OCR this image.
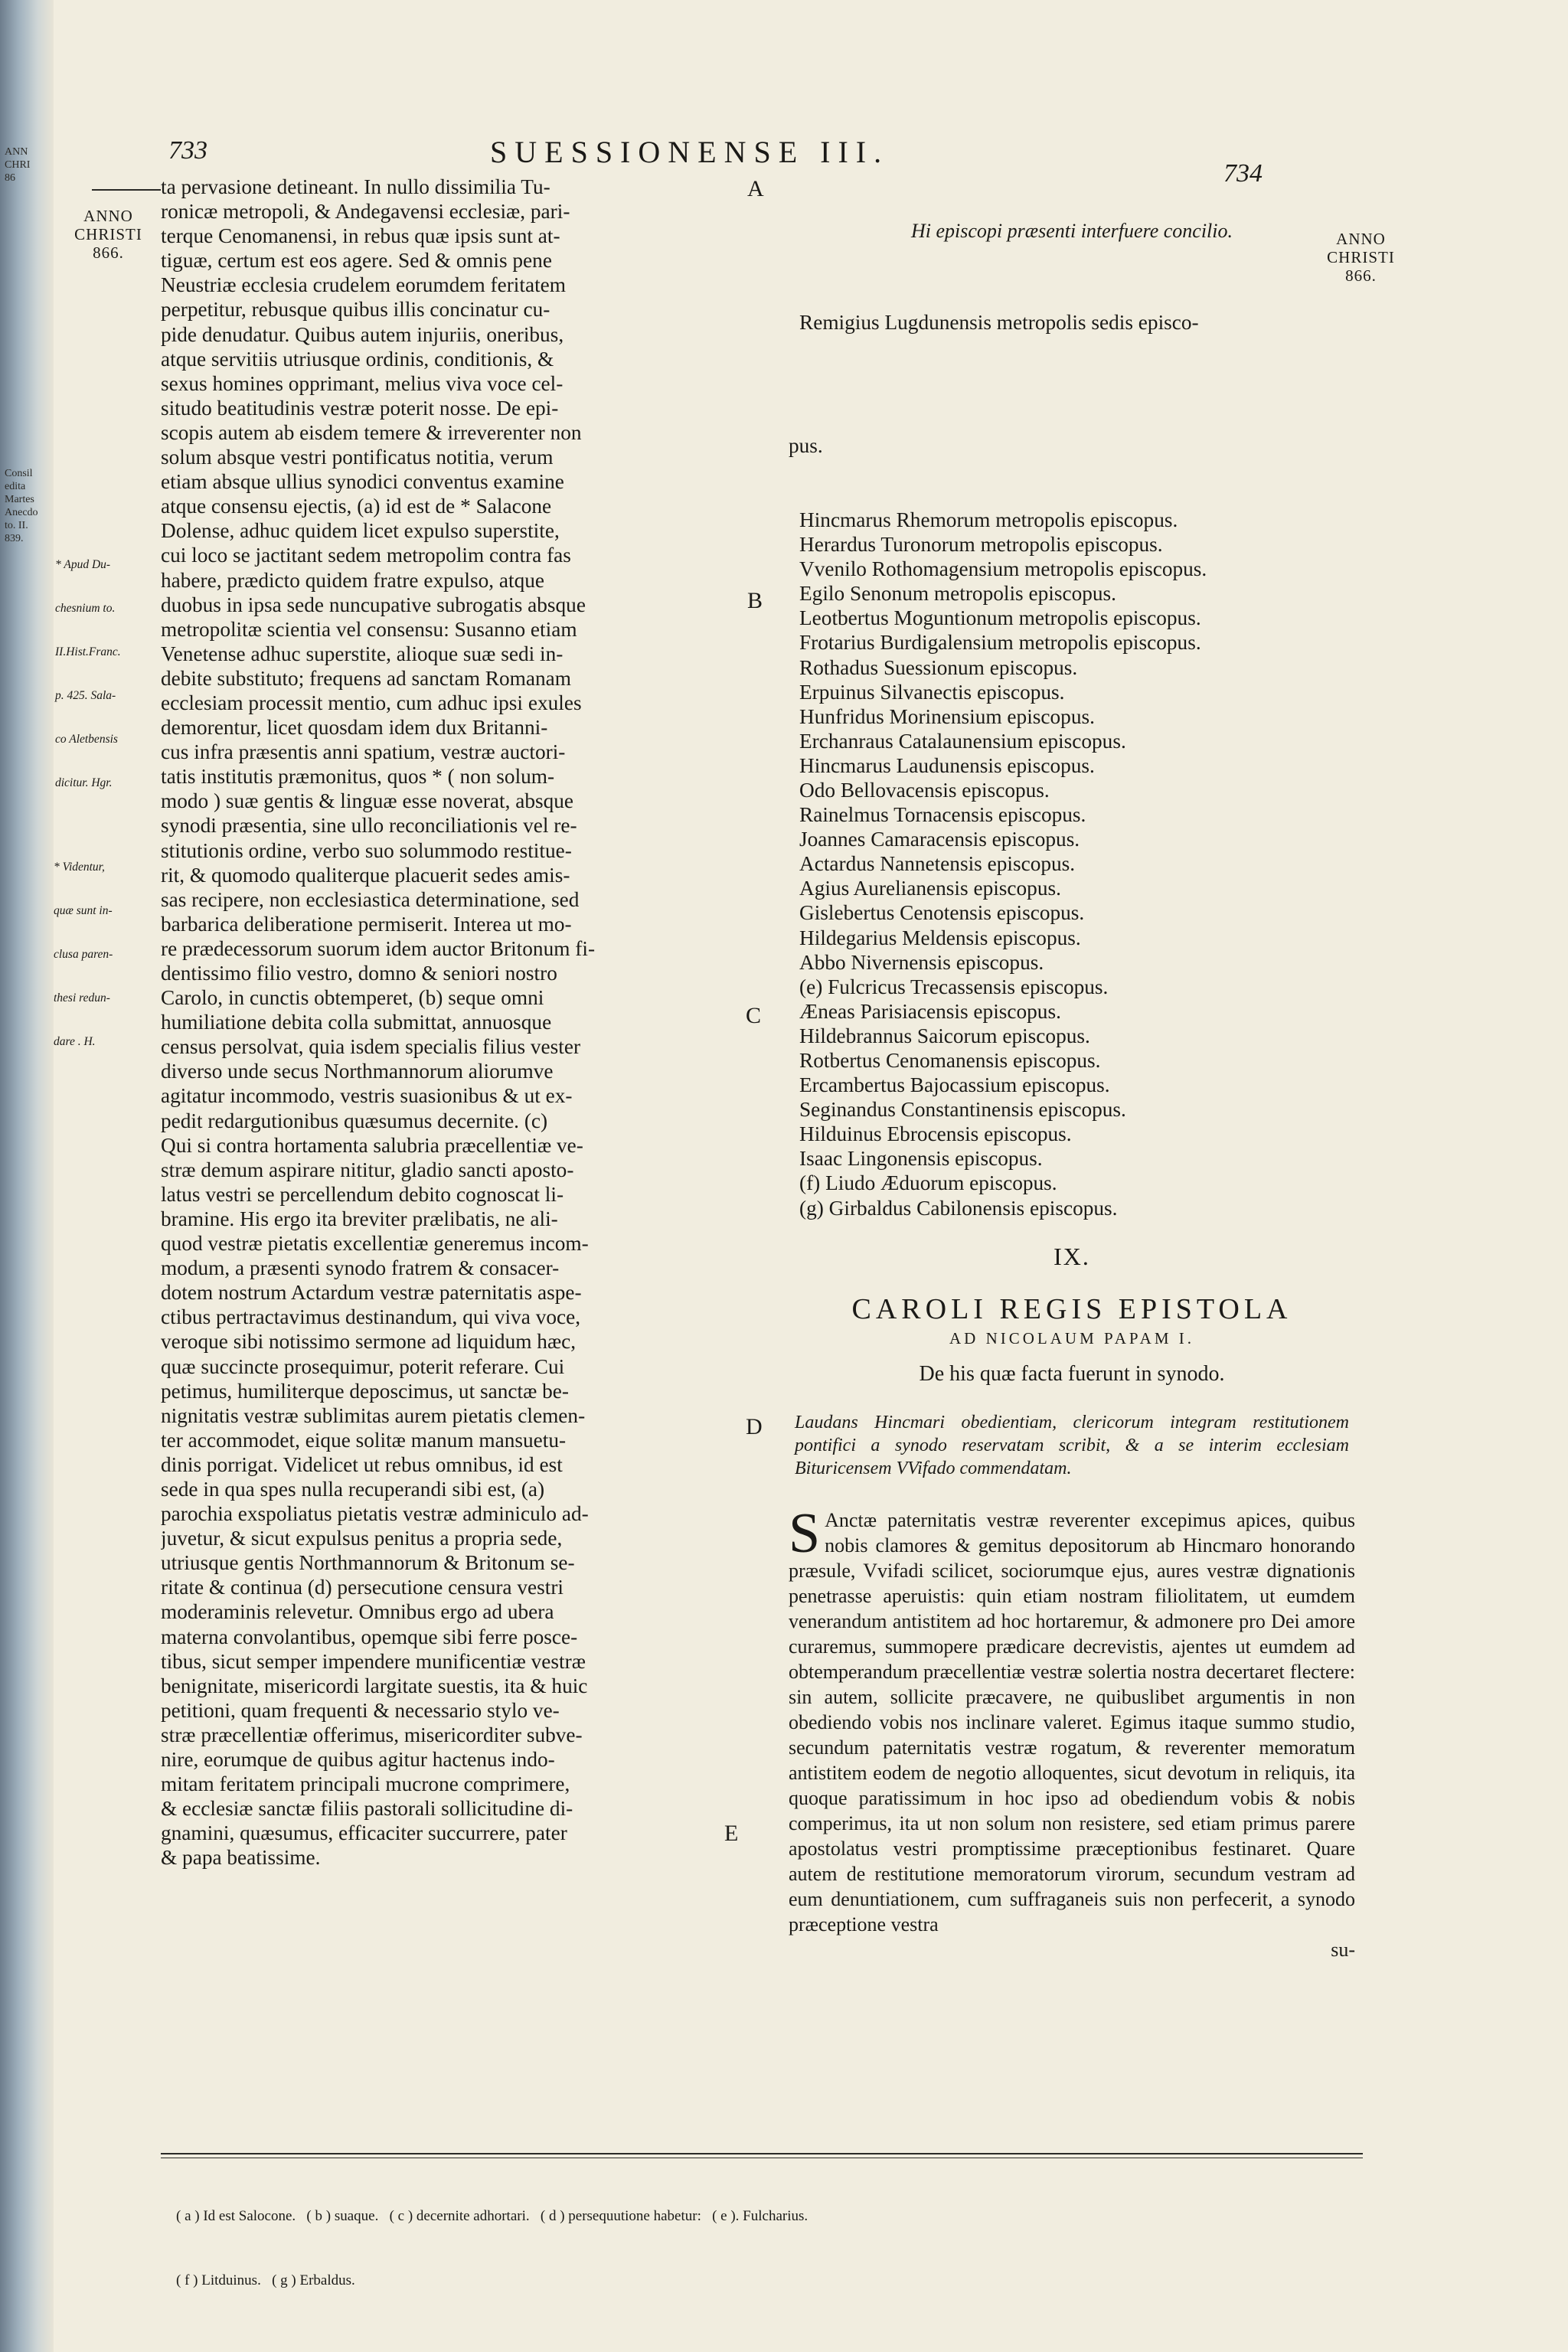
ANN
CHRI
86
Consil
edita
Martes
Anecdo
to. II.
839.
733	SUESSIONENSE III.
734
ANNO
CHRISTI
866.
ANNO
CHRISTI
866.

* Apud Du-

chesnium to.

II.Hist.Franc.

p. 425. Sala-

co Aletbensis

dicitur. Hgr.

* Videntur,

quæ sunt in-

clusa paren-

thesi redun-

dare . H.

ta pervasione detineant. In nullo dissimilia Tu-
ronicæ metropoli, & Andegavensi ecclesiæ, pari-
terque Cenomanensi, in rebus quæ ipsis sunt at-
tiguæ, certum est eos agere. Sed & omnis pene
Neustriæ ecclesia crudelem eorumdem feritatem
perpetitur, rebusque quibus illis concinatur cu-
pide denudatur. Quibus autem injuriis, oneribus,
atque servitiis utriusque ordinis, conditionis, &
sexus homines opprimant, melius viva voce cel-
situdo beatitudinis vestræ poterit nosse. De epi-
scopis autem ab eisdem temere & irreverenter non
solum absque vestri pontificatus notitia, verum
etiam absque ullius synodici conventus examine
atque consensu ejectis, (a) id est de * Salacone
Dolense, adhuc quidem licet expulso superstite,
cui loco se jactitant sedem metropolim contra fas
habere, prædicto quidem fratre expulso, atque
duobus in ipsa sede nuncupative subrogatis absque
metropolitæ scientia vel consensu: Susanno etiam
Venetense adhuc superstite, alioque suæ sedi in-
debite substituto; frequens ad sanctam Romanam
ecclesiam processit mentio, cum adhuc ipsi exules
demorentur, licet quosdam idem dux Britanni-
cus infra præsentis anni spatium, vestræ auctori-
tatis institutis præmonitus, quos * ( non solum-
modo ) suæ gentis & linguæ esse noverat, absque
synodi præsentia, sine ullo reconciliationis vel re-
stitutionis ordine, verbo suo solummodo restitue-
rit, & quomodo qualiterque placuerit sedes amis-
sas recipere, non ecclesiastica determinatione, sed
barbarica deliberatione permiserit. Interea ut mo-
re prædecessorum suorum idem auctor Britonum fi-
dentissimo filio vestro, domno & seniori nostro
Carolo, in cunctis obtemperet, (b) seque omni
humiliatione debita colla submittat, annuosque
census persolvat, quia isdem specialis filius vester
diverso unde secus Northmannorum aliorumve
agitatur incommodo, vestris suasionibus & ut ex-
pedit redargutionibus quæsumus decernite. (c)
Qui si contra hortamenta salubria præcellentiæ ve-
stræ demum aspirare nititur, gladio sancti aposto-
latus vestri se percellendum debito cognoscat li-
bramine. His ergo ita breviter prælibatis, ne ali-
quod vestræ pietatis excellentiæ generemus incom-
modum, a præsenti synodo fratrem & consacer-
dotem nostrum Actardum vestræ paternitatis aspe-
ctibus pertractavimus destinandum, qui viva voce,
veroque sibi notissimo sermone ad liquidum hæc,
quæ succincte prosequimur, poterit referare. Cui
petimus, humiliterque deposcimus, ut sanctæ be-
nignitatis vestræ sublimitas aurem pietatis clemen-
ter accommodet, eique solitæ manum mansuetu-
dinis porrigat. Videlicet ut rebus omnibus, id est
sede in qua spes nulla recuperandi sibi est, (a)
parochia exspoliatus pietatis vestræ adminiculo ad-
juvetur, & sicut expulsus penitus a propria sede,
utriusque gentis Northmannorum & Britonum se-
ritate & continua (d) persecutione censura vestri
moderaminis relevetur. Omnibus ergo ad ubera
materna convolantibus, opemque sibi ferre posce-
tibus, sicut semper impendere munificentiæ vestræ
benignitate, misericordi largitate suestis, ita & huic
petitioni, quam frequenti & necessario stylo ve-
stræ præcellentiæ offerimus, misericorditer subve-
nire, eorumque de quibus agitur hactenus indo-
mitam feritatem principali mucrone comprimere,
& ecclesiæ sanctæ filiis pastorali sollicitudine di-
gnamini, quæsumus, efficaciter succurrere, pater
& papa beatissime.
A
B
C
D
E
Hi episcopi præsenti interfuere concilio.

Remigius Lugdunensis metropolis sedis episco-

pus.

Hincmarus Rhemorum metropolis episcopus.
Herardus Turonorum metropolis episcopus.
Vvenilo Rothomagensium metropolis episcopus.
Egilo Senonum metropolis episcopus.
Leotbertus Moguntionum metropolis episcopus.
Frotarius Burdigalensium metropolis episcopus.
Rothadus Suessionum episcopus.
Erpuinus Silvanectis episcopus.
Hunfridus Morinensium episcopus.
Erchanraus Catalaunensium episcopus.
Hincmarus Laudunensis episcopus.
Odo Bellovacensis episcopus.
Rainelmus Tornacensis episcopus.
Joannes Camaracensis episcopus.
Actardus Nannetensis episcopus.
Agius Aurelianensis episcopus.
Gislebertus Cenotensis episcopus.
Hildegarius Meldensis episcopus.
Abbo Nivernensis episcopus.
(e) Fulcricus Trecassensis episcopus.
Æneas Parisiacensis episcopus.
Hildebrannus Saicorum episcopus.
Rotbertus Cenomanensis episcopus.
Ercambertus Bajocassium episcopus.
Seginandus Constantinensis episcopus.
Hilduinus Ebrocensis episcopus.
Isaac Lingonensis episcopus.
(f) Liudo Æduorum episcopus.
(g) Girbaldus Cabilonensis episcopus.
IX.
CAROLI REGIS EPISTOLA
AD NICOLAUM PAPAM I.
De his quæ facta fuerunt in synodo.
Laudans Hincmari obedientiam, clericorum integram restitutionem pontifici a synodo reservatam scribit, & a se interim ecclesiam Bituricensem VVifado commendatam.
S Anctæ paternitatis vestræ reverenter excepimus apices, quibus nobis clamores & gemitus depositorum ab Hincmaro honorando præsule, Vvifadi scilicet, sociorumque ejus, aures vestræ dignationis penetrasse aperuistis: quin etiam nostram filiolitatem, ut eumdem venerandum antistitem ad hoc hortaremur, & admonere pro Dei amore curaremus, summopere prædicare decrevistis, ajentes ut eumdem ad obtemperandum præcellentiæ vestræ solertia nostra decertaret flectere: sin autem, sollicite præcavere, ne quibuslibet argumentis in non obediendo vobis nos inclinare valeret. Egimus itaque summo studio, secundum paternitatis vestræ rogatum, & reverenter memoratum antistitem eodem de negotio alloquentes, sicut devotum in reliquis, ita quoque paratissimum in hoc ipso ad obediendum vobis & nobis comperimus, ita ut non solum non resistere, sed etiam primus parere apostolatus vestri promptissime præceptionibus festinaret. Quare autem de restitutione memoratorum virorum, secundum vestram ad eum denuntiationem, cum suffraganeis suis non perfecerit, a synodo præceptione vestra
su-

( a ) Id est Salocone.   ( b ) suaque.   ( c ) decernite adhortari.   ( d ) persequutione habetur:   ( e ). Fulcharius.

( f ) Litduinus.   ( g ) Erbaldus.
